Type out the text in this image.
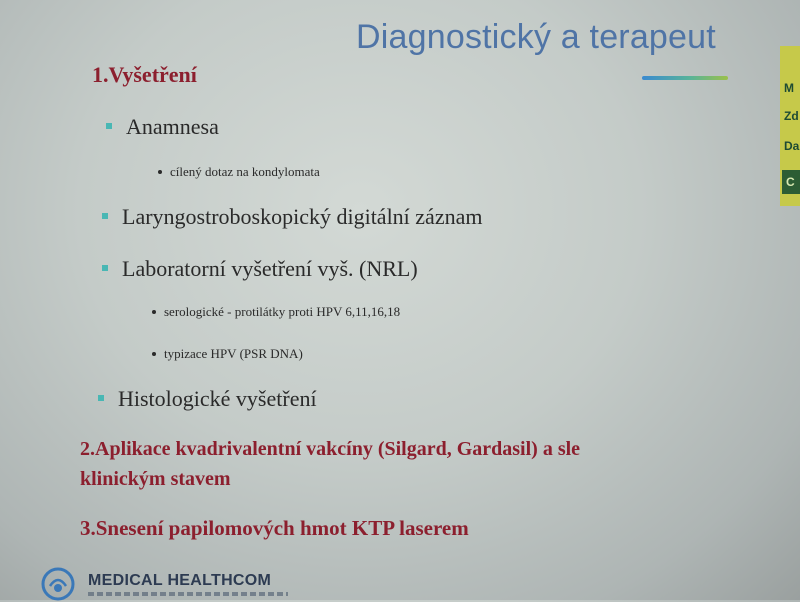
Diagnostický a terapeut
M
Zd
Da
C
1.Vyšetření
Anamnesa
cílený dotaz na kondylomata
Laryngostroboskopický digitální záznam
Laboratorní vyšetření vyš. (NRL)
serologické - protilátky proti HPV 6,11,16,18
typizace HPV (PSR DNA)
Histologické vyšetření
2.Aplikace kvadrivalentní vakcíny (Silgard, Gardasil) a sle
klinickým stavem
3.Snesení papilomových hmot KTP laserem
MEDICAL HEALTHCOM
